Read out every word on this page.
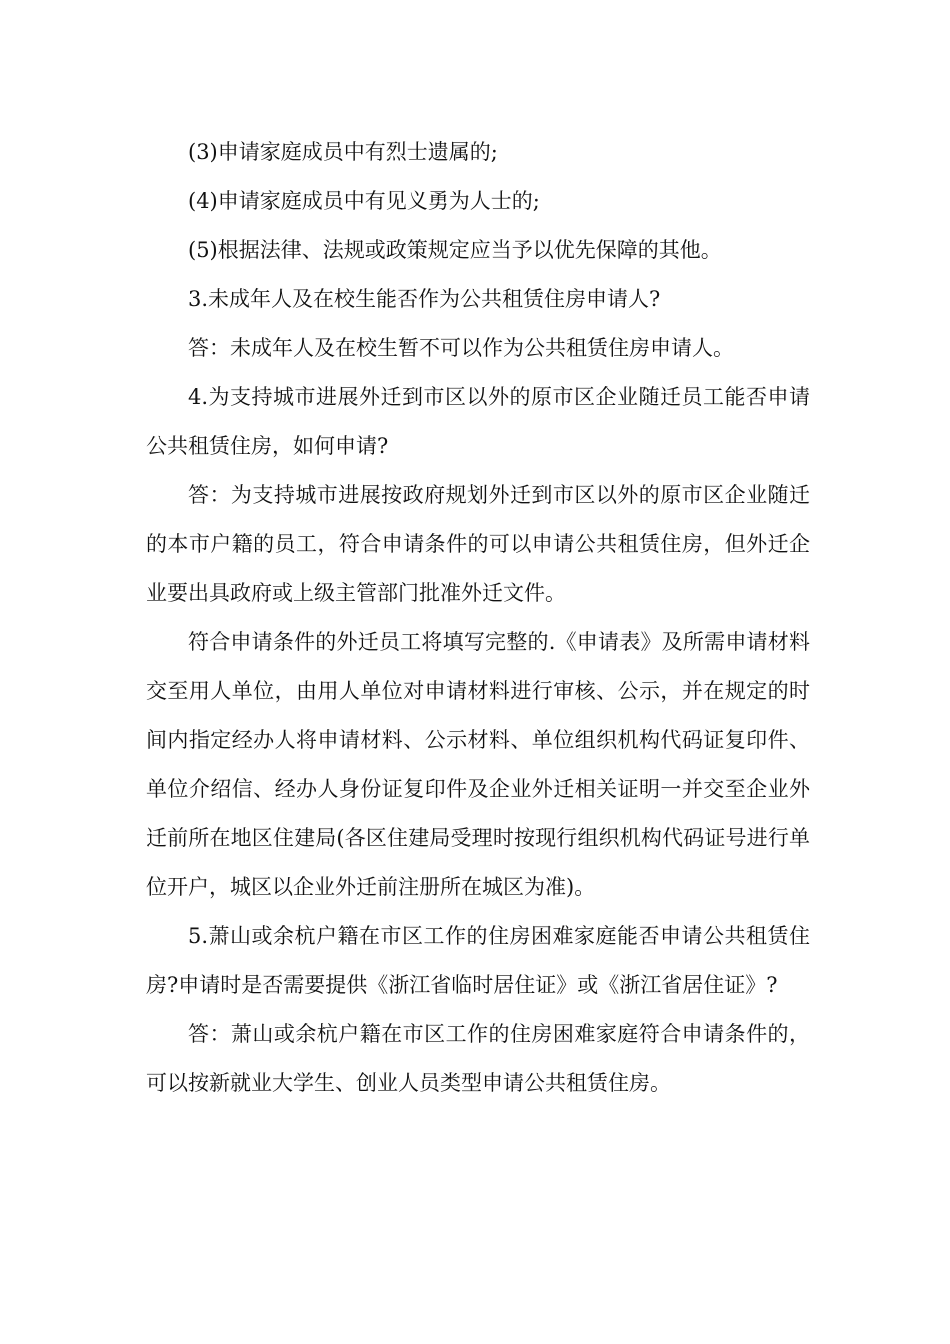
(3)申请家庭成员中有烈士遗属的;

(4)申请家庭成员中有见义勇为人士的;

(5)根据法律、法规或政策规定应当予以优先保障的其他。

3.未成年人及在校生能否作为公共租赁住房申请人?

答：未成年人及在校生暂不可以作为公共租赁住房申请人。

4.为支持城市进展外迁到市区以外的原市区企业随迁员工能否申请公共租赁住房，如何申请?

答：为支持城市进展按政府规划外迁到市区以外的原市区企业随迁的本市户籍的员工，符合申请条件的可以申请公共租赁住房，但外迁企业要出具政府或上级主管部门批准外迁文件。

符合申请条件的外迁员工将填写完整的.《申请表》及所需申请材料交至用人单位，由用人单位对申请材料进行审核、公示，并在规定的时间内指定经办人将申请材料、公示材料、单位组织机构代码证复印件、单位介绍信、经办人身份证复印件及企业外迁相关证明一并交至企业外迁前所在地区住建局(各区住建局受理时按现行组织机构代码证号进行单位开户，城区以企业外迁前注册所在城区为准)。

5.萧山或余杭户籍在市区工作的住房困难家庭能否申请公共租赁住房?申请时是否需要提供《浙江省临时居住证》或《浙江省居住证》?

答：萧山或余杭户籍在市区工作的住房困难家庭符合申请条件的，可以按新就业大学生、创业人员类型申请公共租赁住房。
